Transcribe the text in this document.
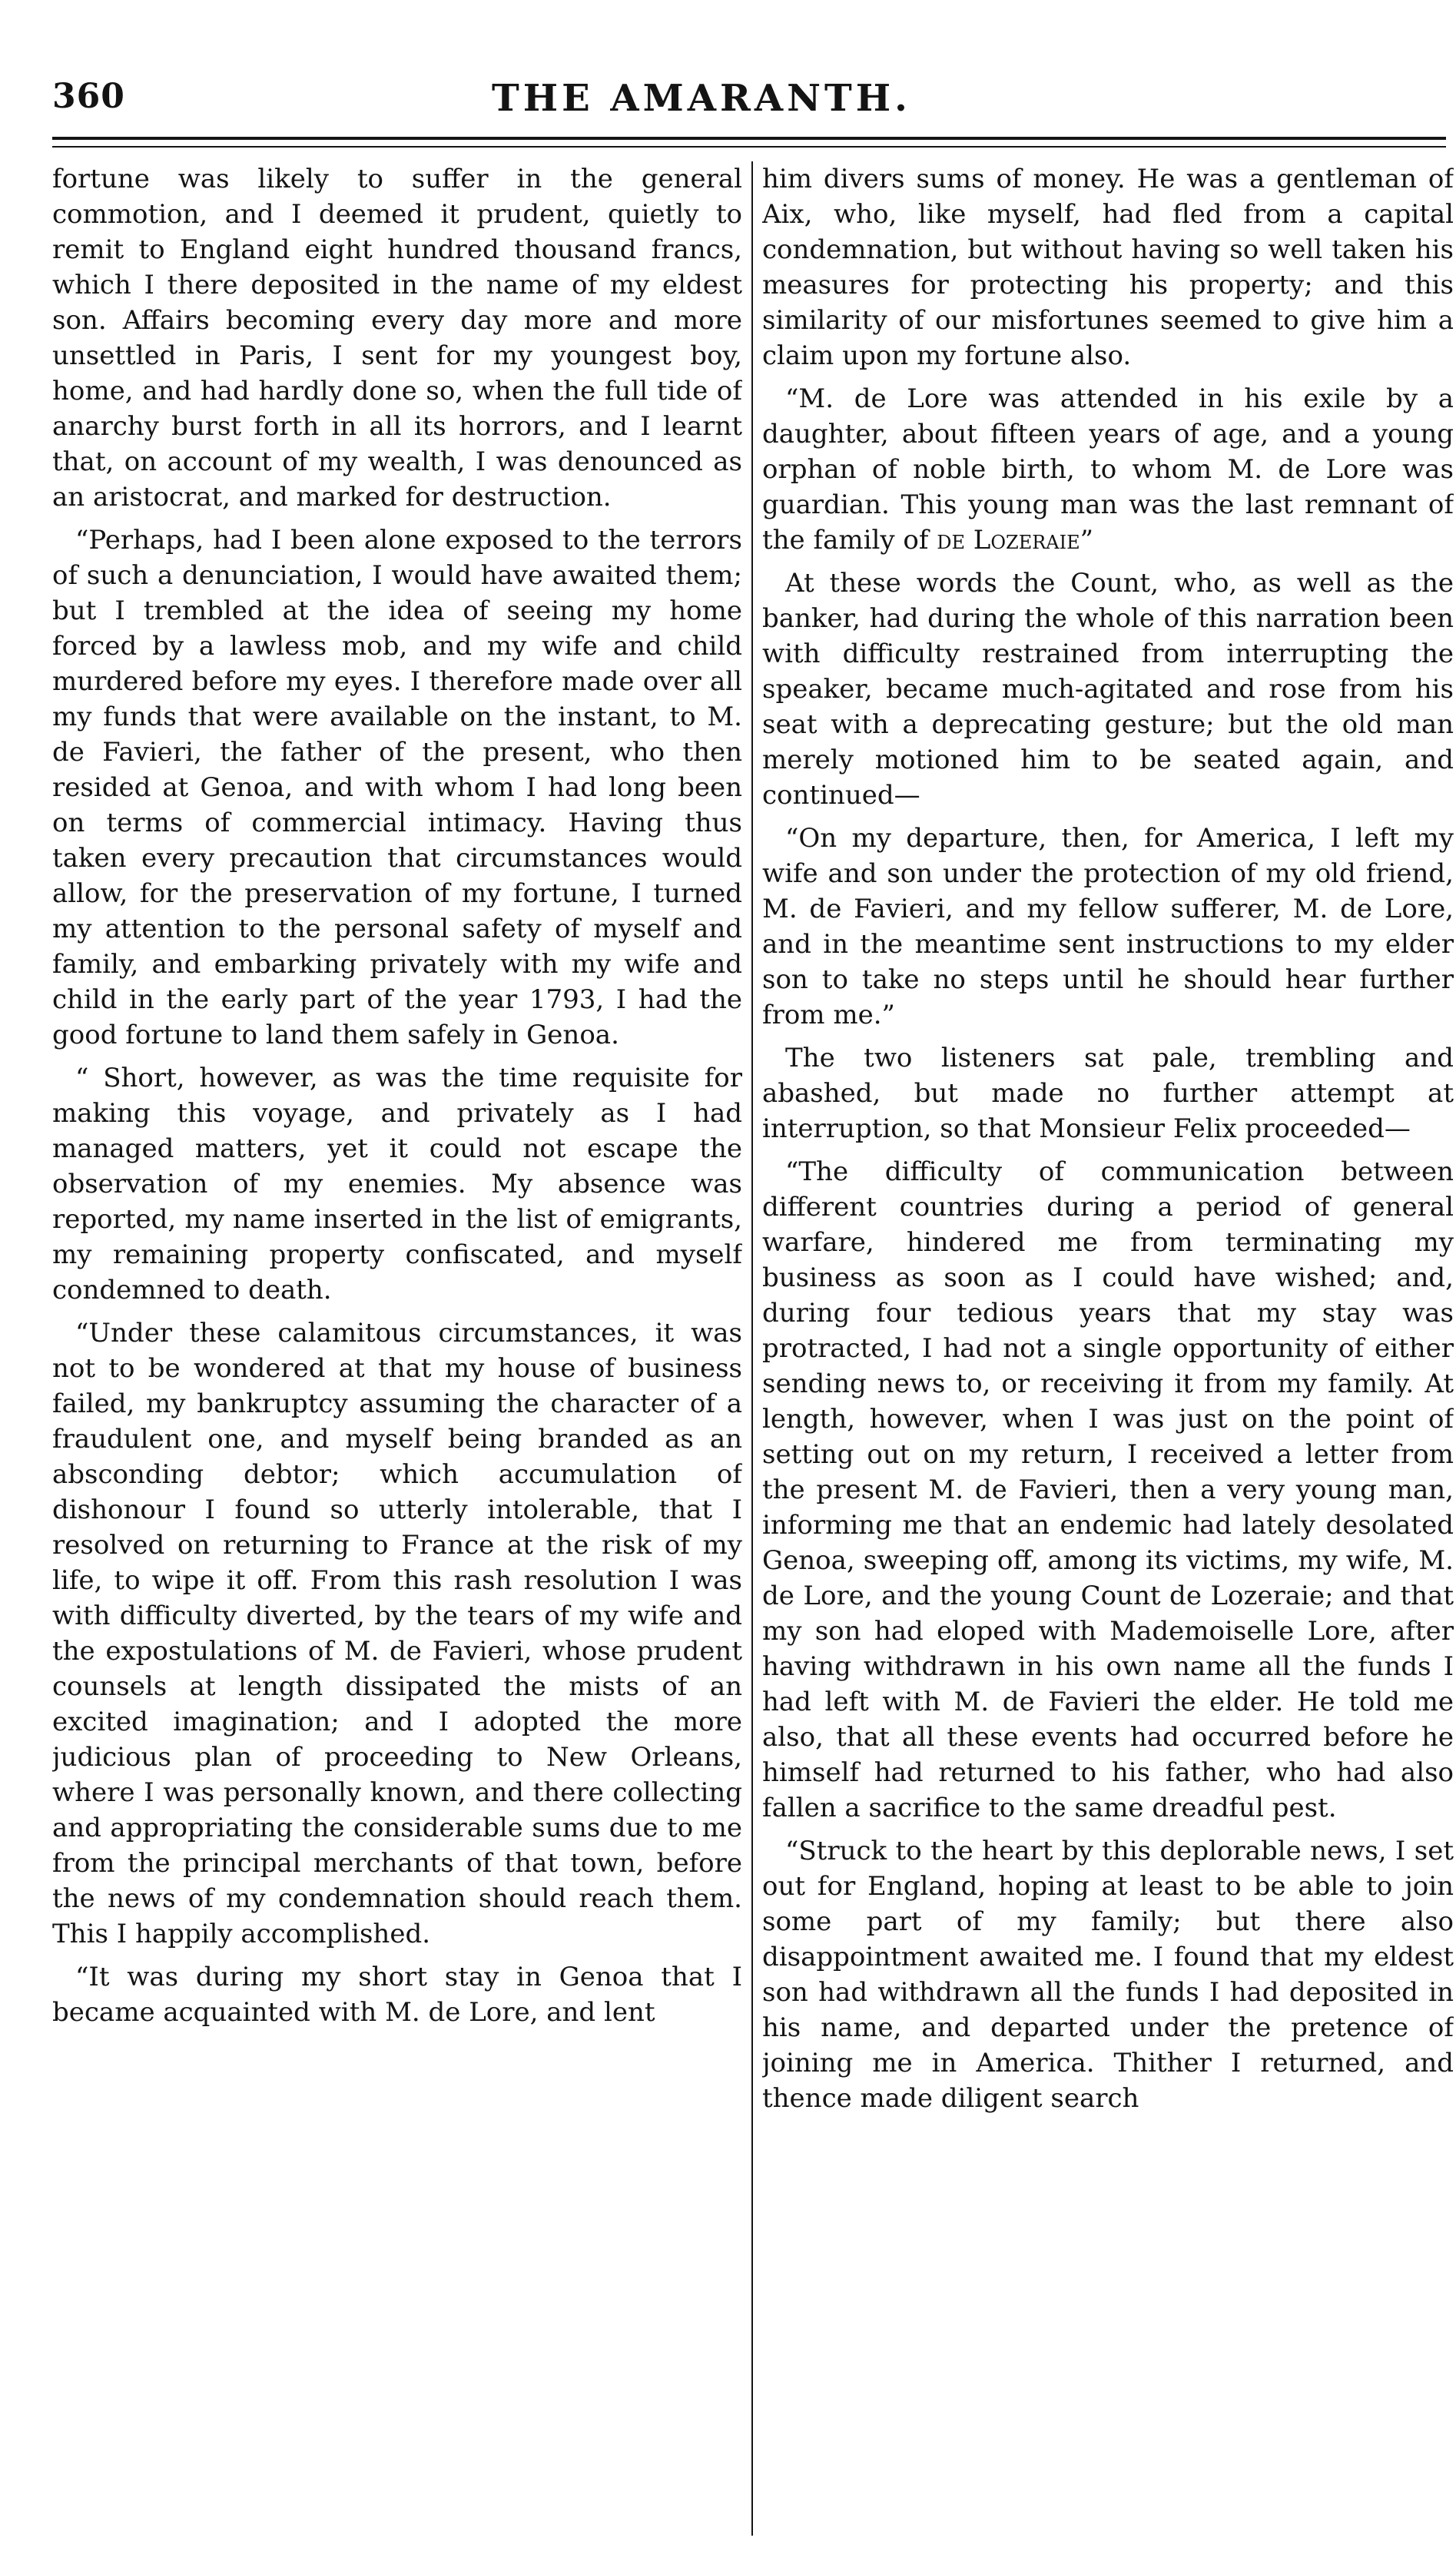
360	THE AMARANTH.

fortune was likely to suffer in the general commotion, and I deemed it prudent, quietly to remit to England eight hundred thousand francs, which I there deposited in the name of my eldest son. Affairs becoming every day more and more unsettled in Paris, I sent for my youngest boy, home, and had hardly done so, when the full tide of anarchy burst forth in all its horrors, and I learnt that, on account of my wealth, I was denounced as an aristocrat, and marked for destruction.

“Perhaps, had I been alone exposed to the terrors of such a denunciation, I would have awaited them; but I trembled at the idea of seeing my home forced by a lawless mob, and my wife and child murdered before my eyes. I therefore made over all my funds that were available on the instant, to M. de Favieri, the father of the present, who then resided at Genoa, and with whom I had long been on terms of commercial intimacy. Having thus taken every precaution that circumstances would allow, for the preservation of my fortune, I turned my attention to the personal safety of myself and family, and embarking privately with my wife and child in the early part of the year 1793, I had the good fortune to land them safely in Genoa.

“ Short, however, as was the time requisite for making this voyage, and privately as I had managed matters, yet it could not escape the observation of my enemies. My absence was reported, my name inserted in the list of emigrants, my remaining property confiscated, and myself condemned to death.

“Under these calamitous circumstances, it was not to be wondered at that my house of business failed, my bankruptcy assuming the character of a fraudulent one, and myself being branded as an absconding debtor; which accumulation of dishonour I found so utterly intolerable, that I resolved on returning to France at the risk of my life, to wipe it off. From this rash resolution I was with difficulty diverted, by the tears of my wife and the expostulations of M. de Favieri, whose prudent counsels at length dissipated the mists of an excited imagination; and I adopted the more judicious plan of proceeding to New Orleans, where I was personally known, and there collecting and appropriating the considerable sums due to me from the principal merchants of that town, before the news of my condemnation should reach them. This I happily accomplished.

“It was during my short stay in Genoa that I became acquainted with M. de Lore, and lent

him divers sums of money. He was a gentleman of Aix, who, like myself, had fled from a capital condemnation, but without having so well taken his measures for protecting his property; and this similarity of our misfortunes seemed to give him a claim upon my fortune also.

“M. de Lore was attended in his exile by a daughter, about fifteen years of age, and a young orphan of noble birth, to whom M. de Lore was guardian. This young man was the last remnant of the family of de Lozeraie”

At these words the Count, who, as well as the banker, had during the whole of this narration been with difficulty restrained from interrupting the speaker, became much-agitated and rose from his seat with a deprecating gesture; but the old man merely motioned him to be seated again, and continued—

“On my departure, then, for America, I left my wife and son under the protection of my old friend, M. de Favieri, and my fellow sufferer, M. de Lore, and in the meantime sent instructions to my elder son to take no steps until he should hear further from me.”

The two listeners sat pale, trembling and abashed, but made no further attempt at interruption, so that Monsieur Felix proceeded—

“The difficulty of communication between different countries during a period of general warfare, hindered me from terminating my business as soon as I could have wished; and, during four tedious years that my stay was protracted, I had not a single opportunity of either sending news to, or receiving it from my family. At length, however, when I was just on the point of setting out on my return, I received a letter from the present M. de Favieri, then a very young man, informing me that an endemic had lately desolated Genoa, sweeping off, among its victims, my wife, M. de Lore, and the young Count de Lozeraie; and that my son had eloped with Mademoiselle Lore, after having withdrawn in his own name all the funds I had left with M. de Favieri the elder. He told me also, that all these events had occurred before he himself had returned to his father, who had also fallen a sacrifice to the same dreadful pest.

“Struck to the heart by this deplorable news, I set out for England, hoping at least to be able to join some part of my family; but there also disappointment awaited me. I found that my eldest son had withdrawn all the funds I had deposited in his name, and departed under the pretence of joining me in America. Thither I returned, and thence made diligent search
